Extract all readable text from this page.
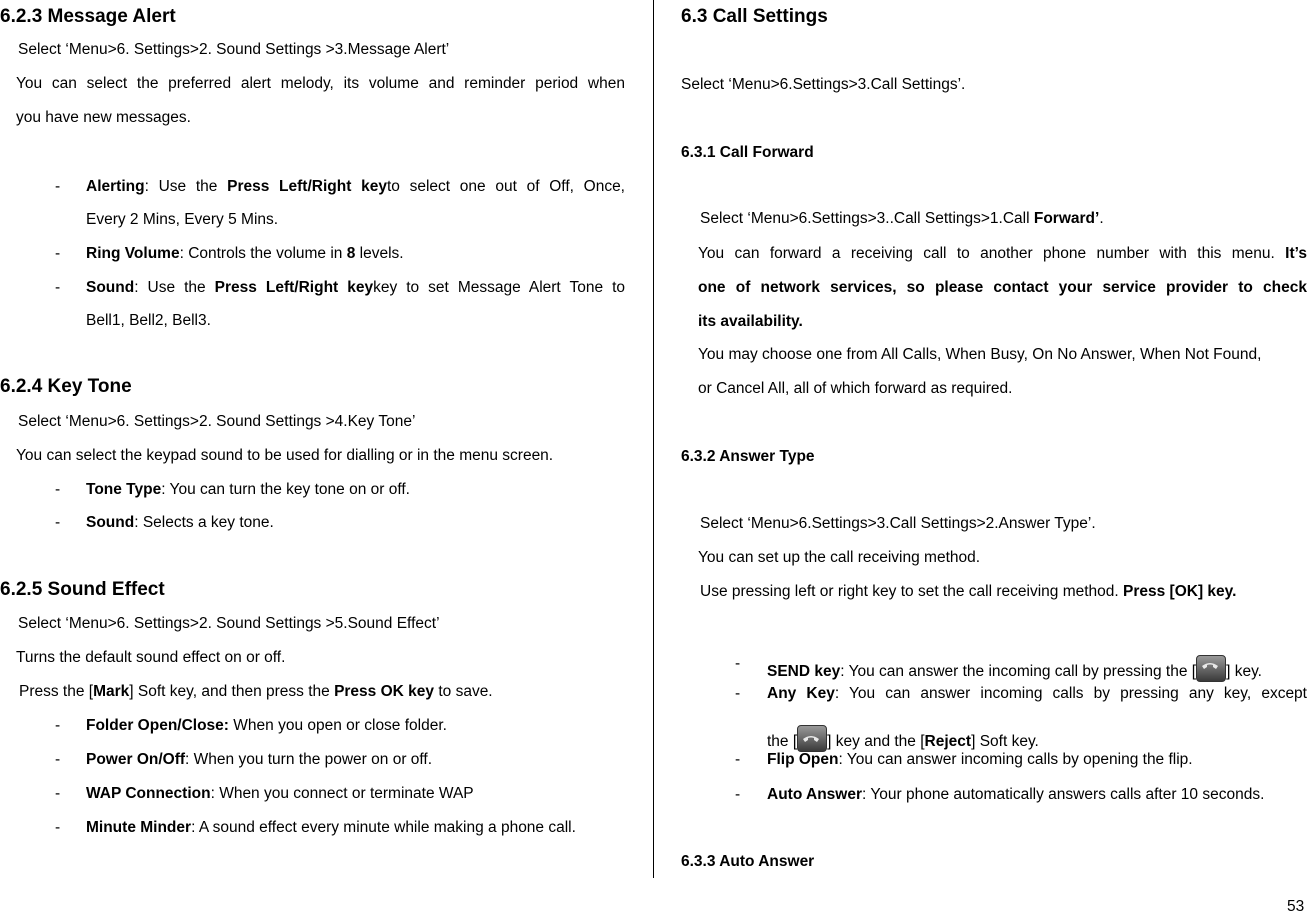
6.2.3 Message Alert
Select ‘Menu>6. Settings>2. Sound Settings >3.Message Alert’
You can select the preferred alert melody, its volume and reminder period when
you have new messages.
- Alerting: Use the Press Left/Right keyto select one out of Off, Once,
Every 2 Mins, Every 5 Mins.
- Ring Volume: Controls the volume in 8 levels.
- Sound: Use the Press Left/Right keykey to set Message Alert Tone to
Bell1, Bell2, Bell3.
6.2.4 Key Tone
Select ‘Menu>6. Settings>2. Sound Settings >4.Key Tone’
You can select the keypad sound to be used for dialling or in the menu screen.
- Tone Type: You can turn the key tone on or off.
- Sound: Selects a key tone.
6.2.5 Sound Effect
Select ‘Menu>6. Settings>2. Sound Settings >5.Sound Effect’
Turns the default sound effect on or off.
Press the [Mark] Soft key, and then press the Press OK key to save.
- Folder Open/Close: When you open or close folder.
- Power On/Off: When you turn the power on or off.
- WAP Connection: When you connect or terminate WAP
- Minute Minder: A sound effect every minute while making a phone call.
6.3 Call Settings
Select ‘Menu>6.Settings>3.Call Settings’.
6.3.1 Call Forward
Select ‘Menu>6.Settings>3..Call Settings>1.Call Forward’.
You can forward a receiving call to another phone number with this menu. It’s
one of network services, so please contact your service provider to check
its availability.
You may choose one from All Calls, When Busy, On No Answer, When Not Found,
or Cancel All, all of which forward as required.
6.3.2 Answer Type
Select ‘Menu>6.Settings>3.Call Settings>2.Answer Type’.
You can set up the call receiving method.
Use pressing left or right key to set the call receiving method. Press [OK] key.
- SEND key: You can answer the incoming call by pressing the [ ] key.
- Any Key: You can answer incoming calls by pressing any key, except
the [ ] key and the [Reject] Soft key.
- Flip Open: You can answer incoming calls by opening the flip.
- Auto Answer: Your phone automatically answers calls after 10 seconds.
6.3.3 Auto Answer
53
